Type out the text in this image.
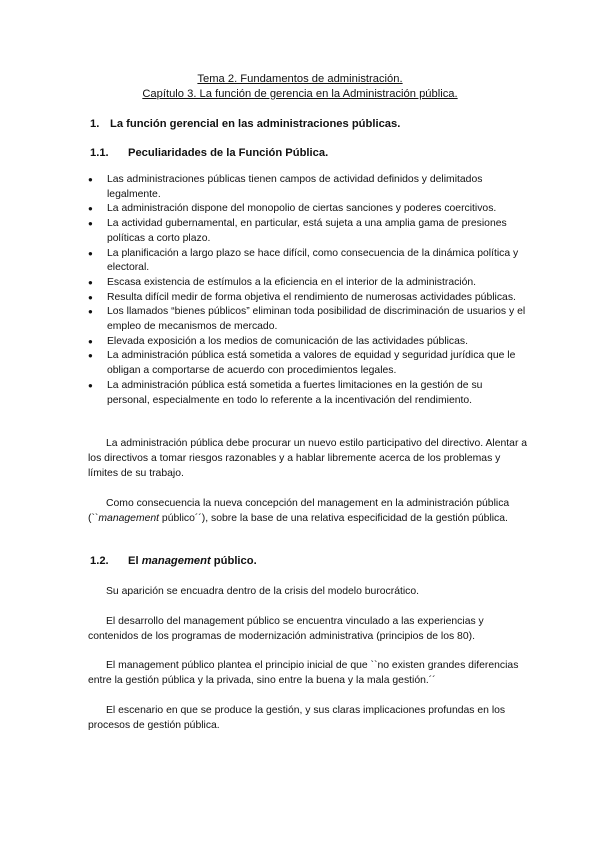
Tema 2. Fundamentos de administración.
Capítulo 3. La función de gerencia en la Administración pública.
1. La función gerencial en las administraciones públicas.
1.1. Peculiaridades de la Función Pública.
● Las administraciones públicas tienen campos de actividad definidos y delimitados legalmente.
● La administración dispone del monopolio de ciertas sanciones y poderes coercitivos.
● La actividad gubernamental, en particular, está sujeta a una amplia gama de presiones políticas a corto plazo.
● La planificación a largo plazo se hace difícil, como consecuencia de la dinámica política y electoral.
● Escasa existencia de estímulos a la eficiencia en el interior de la administración.
● Resulta difícil medir de forma objetiva el rendimiento de numerosas actividades públicas.
● Los llamados “bienes públicos” eliminan toda posibilidad de discriminación de usuarios y el empleo de mecanismos de mercado.
● Elevada exposición a los medios de comunicación de las actividades públicas.
● La administración pública está sometida a valores de equidad y seguridad jurídica que le obligan a comportarse de acuerdo con procedimientos legales.
● La administración pública está sometida a fuertes limitaciones en la gestión de su personal, especialmente en todo lo referente a la incentivación del rendimiento.
La administración pública debe procurar un nuevo estilo participativo del directivo. Alentar a los directivos a tomar riesgos razonables y a hablar libremente acerca de los problemas y límites de su trabajo.
Como consecuencia la nueva concepción del management en la administración pública (``management público´´), sobre la base de una relativa especificidad de la gestión pública.
1.2. El management público.
Su aparición se encuadra dentro de la crisis del modelo burocrático.
El desarrollo del management público se encuentra vinculado a las experiencias y contenidos de los programas de modernización administrativa (principios de los 80).
El management público plantea el principio inicial de que ``no existen grandes diferencias entre la gestión pública y la privada, sino entre la buena y la mala gestión.´´
El escenario en que se produce la gestión, y sus claras implicaciones profundas en los procesos de gestión pública.
